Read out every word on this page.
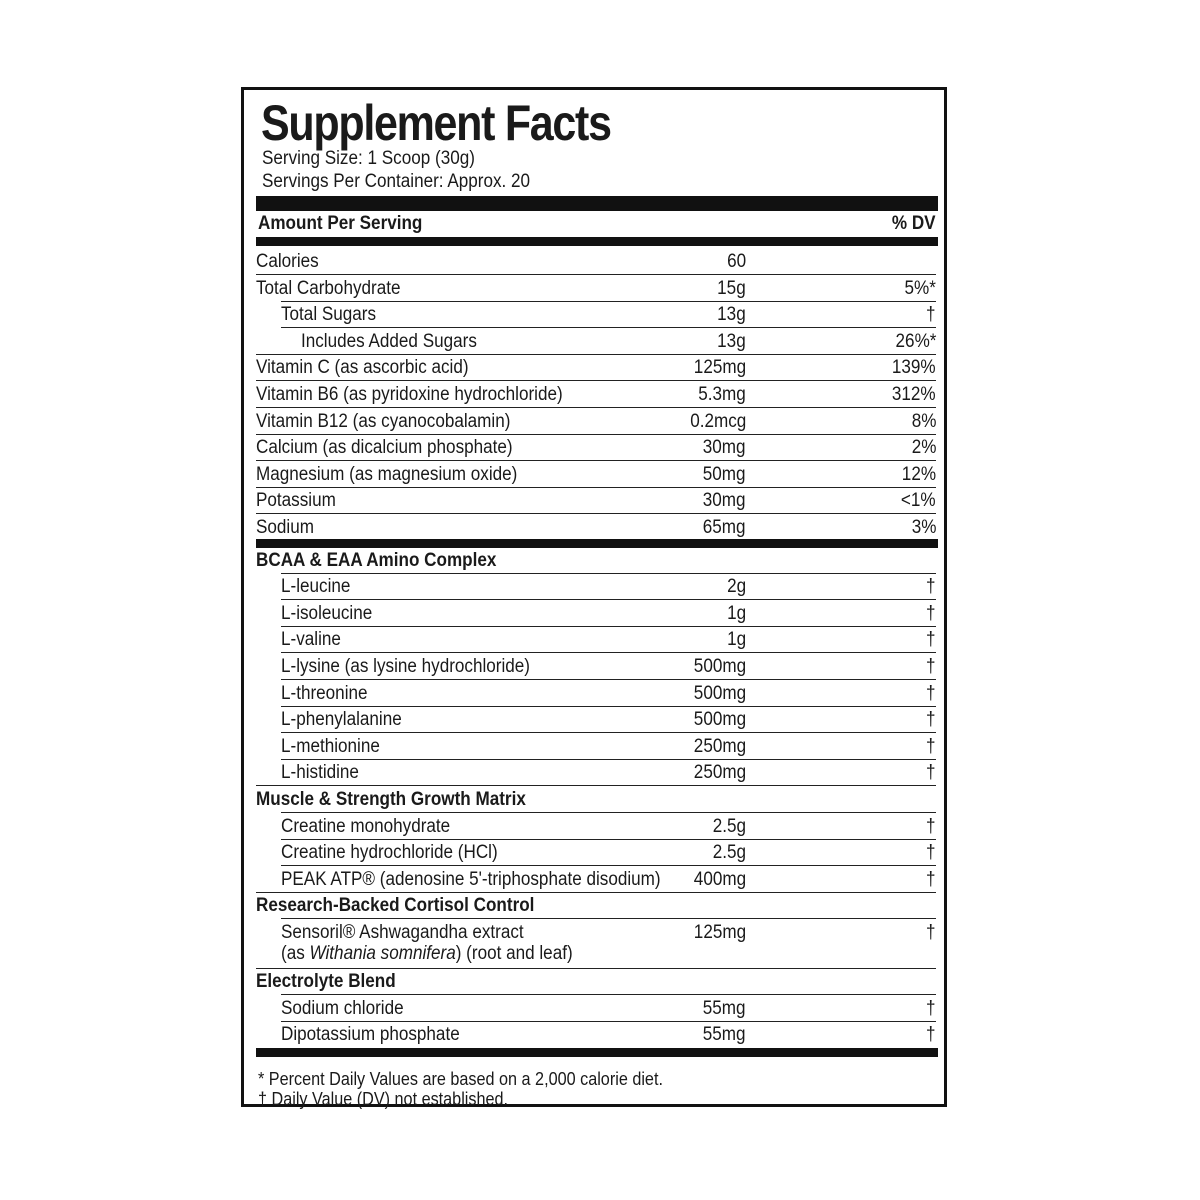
Supplement Facts
Serving Size: 1 Scoop (30g)
Servings Per Container: Approx. 20
Amount Per Serving	% DV
Calories	60
Total Carbohydrate	15g	5%*
Total Sugars	13g	†
Includes Added Sugars	13g	26%*
Vitamin C (as ascorbic acid)	125mg	139%
Vitamin B6 (as pyridoxine hydrochloride)	5.3mg	312%
Vitamin B12 (as cyanocobalamin)	0.2mcg	8%
Calcium (as dicalcium phosphate)	30mg	2%
Magnesium (as magnesium oxide)	50mg	12%
Potassium	30mg	<1%
Sodium	65mg	3%
BCAA & EAA Amino Complex
L-leucine	2g	†
L-isoleucine	1g	†
L-valine	1g	†
L-lysine (as lysine hydrochloride)	500mg	†
L-threonine	500mg	†
L-phenylalanine	500mg	†
L-methionine	250mg	†
L-histidine	250mg	†
Muscle & Strength Growth Matrix
Creatine monohydrate	2.5g	†
Creatine hydrochloride (HCl)	2.5g	†
PEAK ATP® (adenosine 5'-triphosphate disodium) 400mg	†
Research-Backed Cortisol Control
Sensoril® Ashwagandha extract	125mg	†
(as Withania somnifera) (root and leaf)
Electrolyte Blend
Sodium chloride	55mg	†
Dipotassium phosphate	55mg	†
* Percent Daily Values are based on a 2,000 calorie diet.
† Daily Value (DV) not established.
